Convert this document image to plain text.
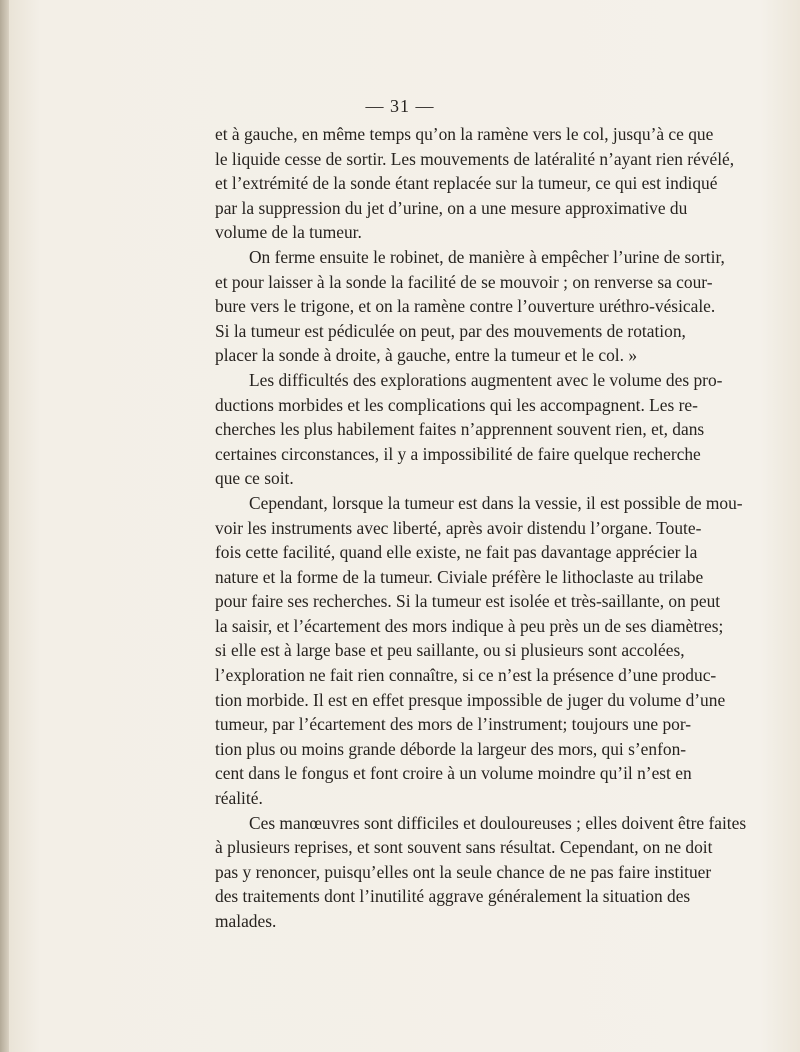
— 31 —
et à gauche, en même temps qu’on la ramène vers le col, jusqu’à ce que
le liquide cesse de sortir. Les mouvements de latéralité n’ayant rien révélé,
et l’extrémité de la sonde étant replacée sur la tumeur, ce qui est indiqué
par la suppression du jet d’urine, on a une mesure approximative du
volume de la tumeur.
On ferme ensuite le robinet, de manière à empêcher l’urine de sortir,
et pour laisser à la sonde la facilité de se mouvoir ; on renverse sa cour-
bure vers le trigone, et on la ramène contre l’ouverture uréthro-vésicale.
Si la tumeur est pédiculée on peut, par des mouvements de rotation,
placer la sonde à droite, à gauche, entre la tumeur et le col. »
Les difficultés des explorations augmentent avec le volume des pro-
ductions morbides et les complications qui les accompagnent. Les re-
cherches les plus habilement faites n’apprennent souvent rien, et, dans
certaines circonstances, il y a impossibilité de faire quelque recherche
que ce soit.
Cependant, lorsque la tumeur est dans la vessie, il est possible de mou-
voir les instruments avec liberté, après avoir distendu l’organe. Toute-
fois cette facilité, quand elle existe, ne fait pas davantage apprécier la
nature et la forme de la tumeur. Civiale préfère le lithoclaste au trilabe
pour faire ses recherches. Si la tumeur est isolée et très-saillante, on peut
la saisir, et l’écartement des mors indique à peu près un de ses diamètres;
si elle est à large base et peu saillante, ou si plusieurs sont accolées,
l’exploration ne fait rien connaître, si ce n’est la présence d’une produc-
tion morbide. Il est en effet presque impossible de juger du volume d’une
tumeur, par l’écartement des mors de l’instrument; toujours une por-
tion plus ou moins grande déborde la largeur des mors, qui s’enfon-
cent dans le fongus et font croire à un volume moindre qu’il n’est en
réalité.
Ces manœuvres sont difficiles et douloureuses ; elles doivent être faites
à plusieurs reprises, et sont souvent sans résultat. Cependant, on ne doit
pas y renoncer, puisqu’elles ont la seule chance de ne pas faire instituer
des traitements dont l’inutilité aggrave généralement la situation des
malades.
